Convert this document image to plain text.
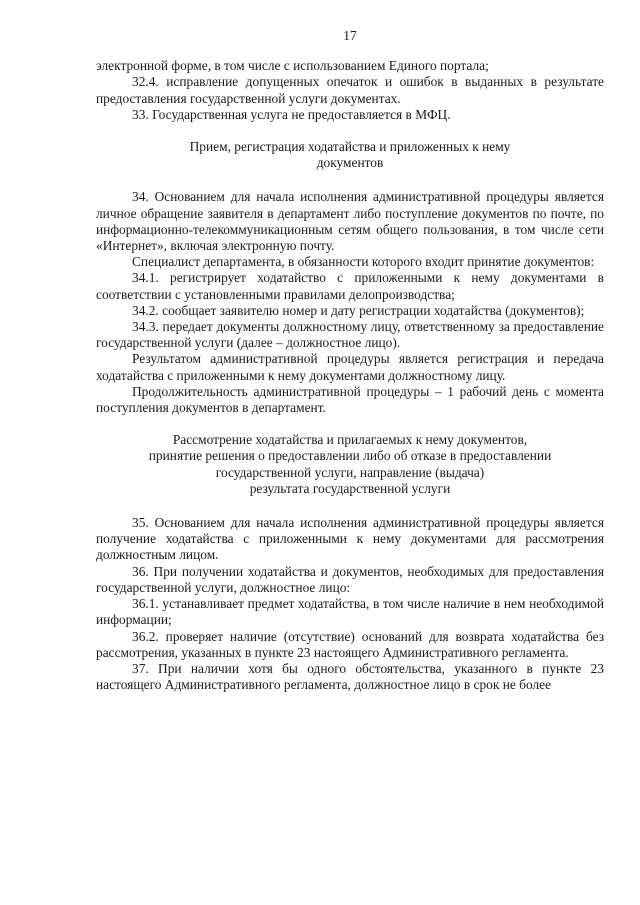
17

электронной форме, в том числе с использованием Единого портала;

32.4. исправление допущенных опечаток и ошибок в выданных в результате предоставления государственной услуги документах.

33. Государственная услуга не предоставляется в МФЦ.

Прием, регистрация ходатайства и приложенных к нему
документов

34. Основанием для начала исполнения административной процедуры является личное обращение заявителя в департамент либо поступление документов по почте, по информационно-телекоммуникационным сетям общего пользования, в том числе сети «Интернет», включая электронную почту.

Специалист департамента, в обязанности которого входит принятие документов:

34.1. регистрирует ходатайство с приложенными к нему документами в соответствии с установленными правилами делопроизводства;

34.2. сообщает заявителю номер и дату регистрации ходатайства (документов);

34.3. передает документы должностному лицу, ответственному за предоставление государственной услуги (далее – должностное лицо).

Результатом административной процедуры является регистрация и передача ходатайства с приложенными к нему документами должностному лицу.

Продолжительность административной процедуры – 1 рабочий день с момента поступления документов в департамент.

Рассмотрение ходатайства и прилагаемых к нему документов,
принятие решения о предоставлении либо об отказе в предоставлении
государственной услуги, направление (выдача)
результата государственной услуги

35. Основанием для начала исполнения административной процедуры является получение ходатайства с приложенными к нему документами для рассмотрения должностным лицом.

36. При получении ходатайства и документов, необходимых для предоставления государственной услуги, должностное лицо:

36.1. устанавливает предмет ходатайства, в том числе наличие в нем необходимой информации;

36.2. проверяет наличие (отсутствие) оснований для возврата ходатайства без рассмотрения, указанных в пункте 23 настоящего Административного регламента.

37. При наличии хотя бы одного обстоятельства, указанного в пункте 23 настоящего Административного регламента, должностное лицо в срок не более
